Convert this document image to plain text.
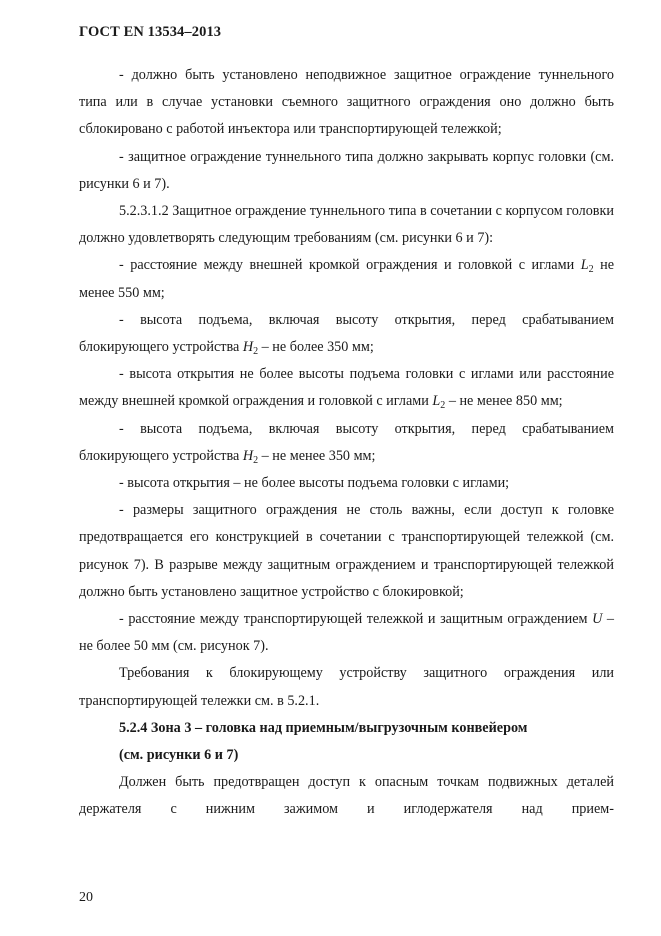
ГОСТ EN 13534–2013

- должно быть установлено неподвижное защитное ограждение туннельного типа или в случае установки съемного защитного ограждения оно должно быть сблокировано с работой инъектора или транспортирующей тележкой;

- защитное ограждение туннельного типа должно закрывать корпус головки (см. рисунки 6 и 7).

5.2.3.1.2 Защитное ограждение туннельного типа в сочетании с корпусом головки должно удовлетворять следующим требованиям (см. рисунки 6 и 7):

- расстояние между внешней кромкой ограждения и головкой с иглами $L_2$ не менее 550 мм;

- высота подъема, включая высоту открытия, перед срабатыванием блокирующего устройства $H_2$ – не более 350 мм;

- высота открытия не более высоты подъема головки с иглами или расстояние между внешней кромкой ограждения и головкой с иглами $L_2$ – не менее 850 мм;

- высота подъема, включая высоту открытия, перед срабатыванием блокирующего устройства $H_2$ – не менее 350 мм;

- высота открытия – не более высоты подъема головки с иглами;

- размеры защитного ограждения не столь важны, если доступ к головке предотвращается его конструкцией в сочетании с транспортирующей тележкой (см. рисунок 7). В разрыве между защитным ограждением и транспортирующей тележкой должно быть установлено защитное устройство с блокировкой;

- расстояние между транспортирующей тележкой и защитным ограждением U – не более 50 мм (см. рисунок 7).

Требования к блокирующему устройству защитного ограждения или транспортирующей тележки см. в 5.2.1.

5.2.4 Зона 3 – головка над приемным/выгрузочным конвейером

(см. рисунки 6 и 7)

Должен быть предотвращен доступ к опасным точкам подвижных деталей держателя с нижним зажимом и иглодержателя над прием-

20
